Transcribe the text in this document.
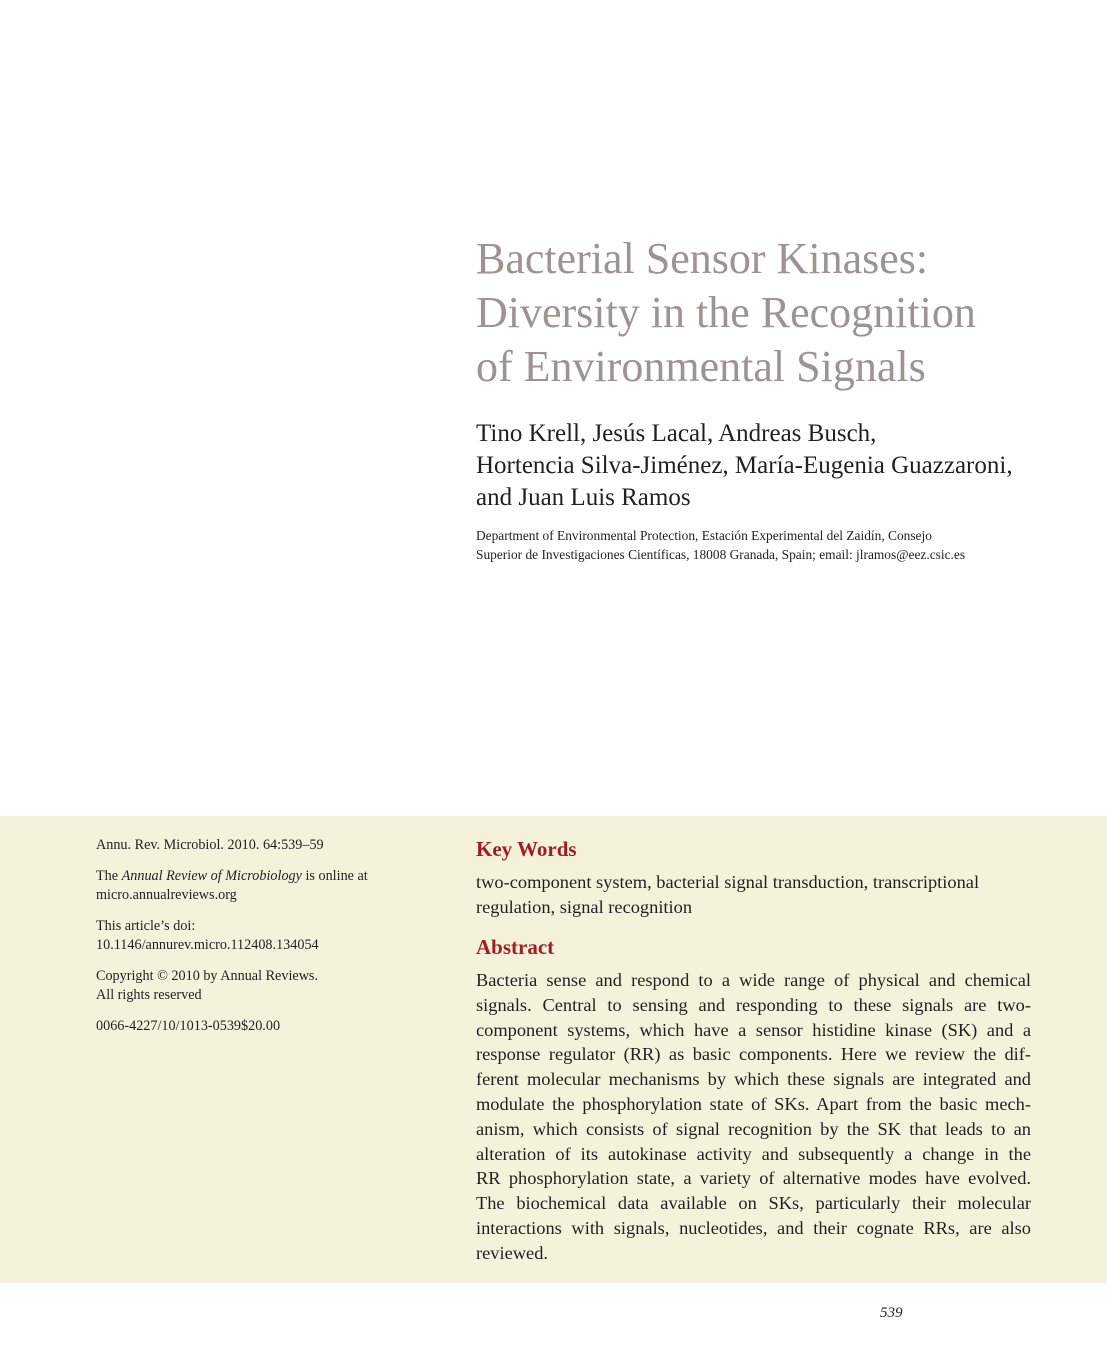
Bacterial Sensor Kinases:
Diversity in the Recognition
of Environmental Signals
Tino Krell, Jesús Lacal, Andreas Busch,
Hortencia Silva-Jiménez, María-Eugenia Guazzaroni,
and Juan Luis Ramos
Department of Environmental Protection, Estación Experimental del Zaidín, Consejo
Superior de Investigaciones Científicas, 18008 Granada, Spain; email: jlramos@eez.csic.es

Annu. Rev. Microbiol. 2010. 64:539–59

The Annual Review of Microbiology is online at
micro.annualreviews.org

This article’s doi:
10.1146/annurev.micro.112408.134054

Copyright © 2010 by Annual Reviews.
All rights reserved

0066-4227/10/1013-0539$20.00

Key Words
two-component system, bacterial signal transduction, transcriptional
regulation, signal recognition
Abstract
Bacteria sense and respond to a wide range of physical and chemical
signals. Central to sensing and responding to these signals are two-
component systems, which have a sensor histidine kinase (SK) and a
response regulator (RR) as basic components. Here we review the dif-
ferent molecular mechanisms by which these signals are integrated and
modulate the phosphorylation state of SKs. Apart from the basic mech-
anism, which consists of signal recognition by the SK that leads to an
alteration of its autokinase activity and subsequently a change in the
RR phosphorylation state, a variety of alternative modes have evolved.
The biochemical data available on SKs, particularly their molecular
interactions with signals, nucleotides, and their cognate RRs, are also
reviewed.
539
